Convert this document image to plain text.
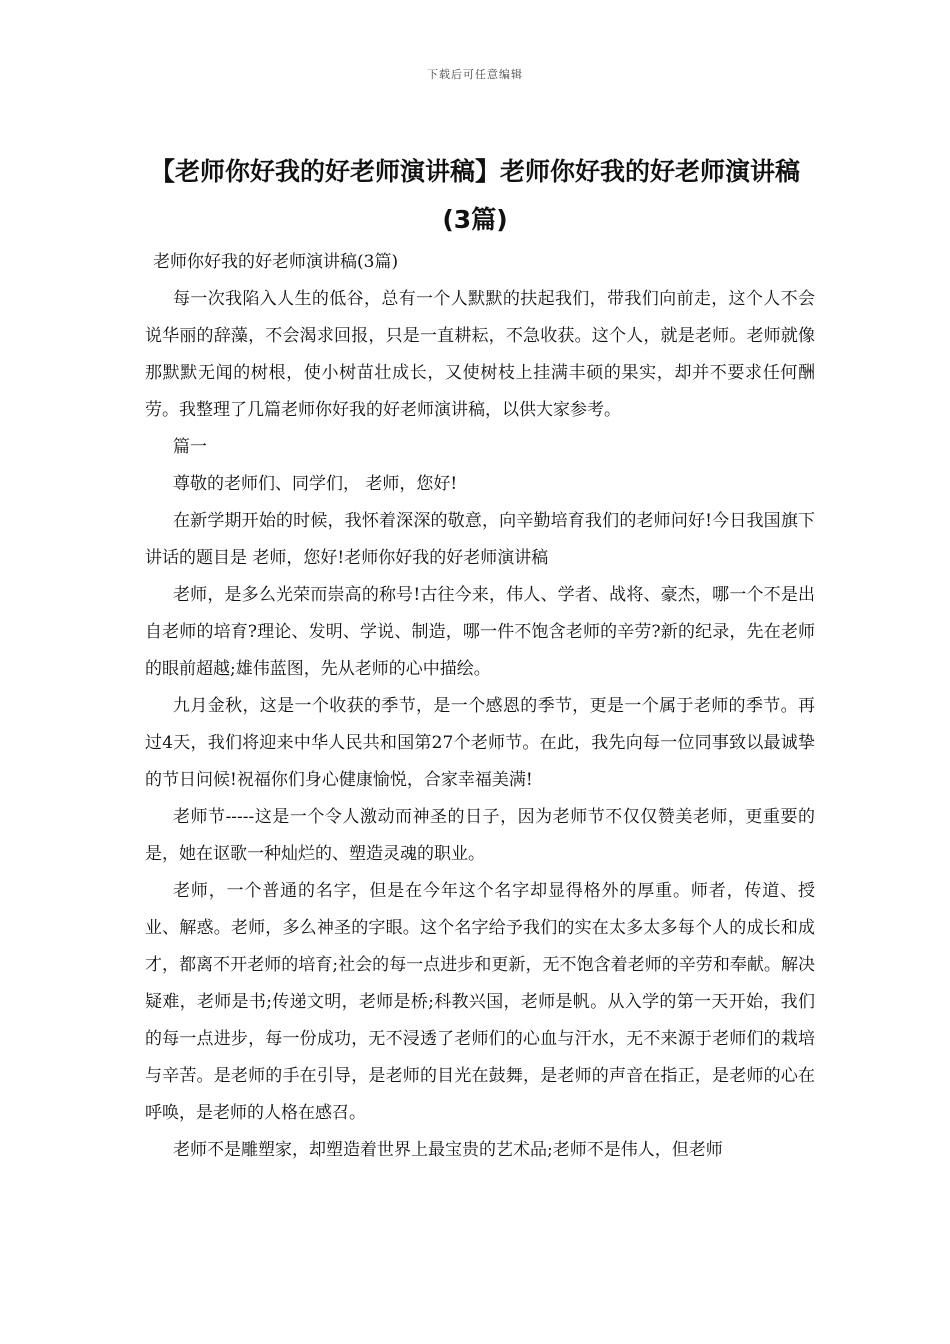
下载后可任意编辑
【老师你好我的好老师演讲稿】老师你好我的好老师演讲稿(3篇)

老师你好我的好老师演讲稿(3篇)

每一次我陷入人生的低谷，总有一个人默默的扶起我们，带我们向前走，这个人不会说华丽的辞藻，不会渴求回报，只是一直耕耘，不急收获。这个人，就是老师。老师就像那默默无闻的树根，使小树苗壮成长，又使树枝上挂满丰硕的果实，却并不要求任何酬劳。我整理了几篇老师你好我的好老师演讲稿，以供大家参考。

篇一

尊敬的老师们、同学们， 老师，您好!

在新学期开始的时候，我怀着深深的敬意，向辛勤培育我们的老师问好!今日我国旗下讲话的题目是 老师，您好!老师你好我的好老师演讲稿

老师，是多么光荣而崇高的称号!古往今来，伟人、学者、战将、豪杰，哪一个不是出自老师的培育?理论、发明、学说、制造，哪一件不饱含老师的辛劳?新的纪录，先在老师的眼前超越;雄伟蓝图，先从老师的心中描绘。

九月金秋，这是一个收获的季节，是一个感恩的季节，更是一个属于老师的季节。再过4天，我们将迎来中华人民共和国第27个老师节。在此，我先向每一位同事致以最诚挚的节日问候!祝福你们身心健康愉悦，合家幸福美满!

老师节-----这是一个令人激动而神圣的日子，因为老师节不仅仅赞美老师，更重要的是，她在讴歌一种灿烂的、塑造灵魂的职业。

老师，一个普通的名字，但是在今年这个名字却显得格外的厚重。师者，传道、授业、解惑。老师，多么神圣的字眼。这个名字给予我们的实在太多太多每个人的成长和成才，都离不开老师的培育;社会的每一点进步和更新，无不饱含着老师的辛劳和奉献。解决疑难，老师是书;传递文明，老师是桥;科教兴国，老师是帆。从入学的第一天开始，我们的每一点进步，每一份成功，无不浸透了老师们的心血与汗水，无不来源于老师们的栽培与辛苦。是老师的手在引导，是老师的目光在鼓舞，是老师的声音在指正，是老师的心在呼唤，是老师的人格在感召。

老师不是雕塑家，却塑造着世界上最宝贵的艺术品;老师不是伟人，但老师
